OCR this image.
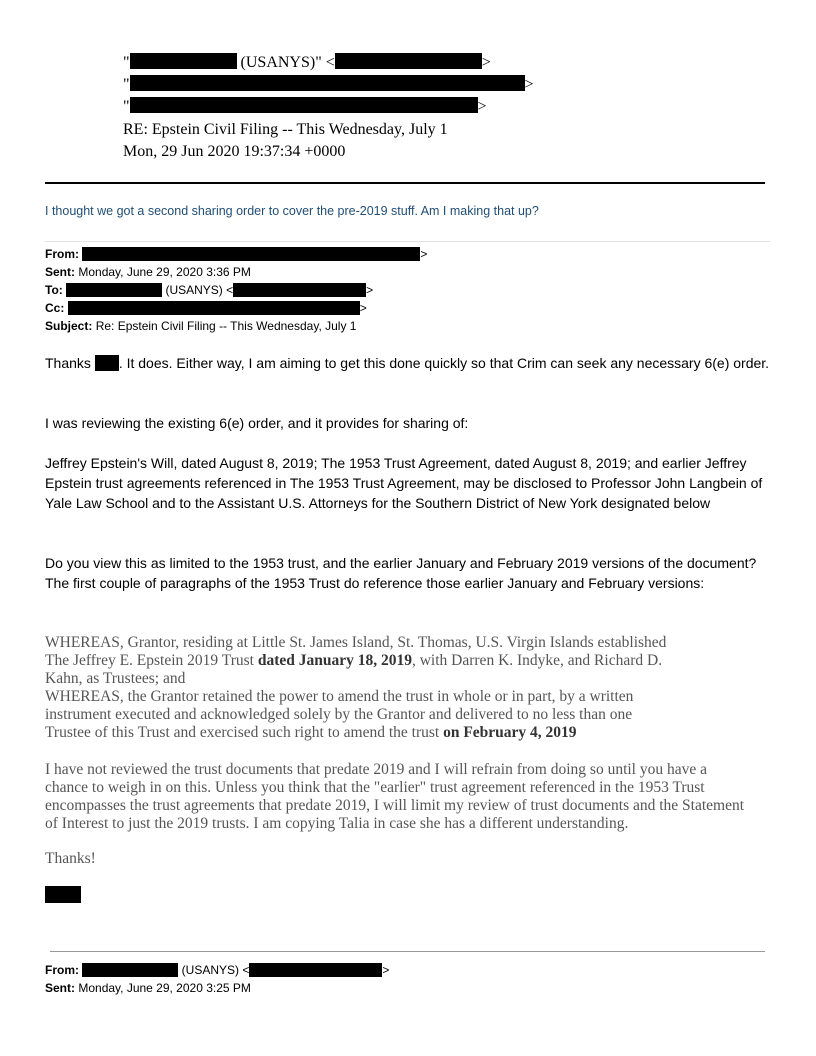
"	(USANYS)" <	>
"	>
"	>
RE: Epstein Civil Filing -- This Wednesday, July 1
Mon, 29 Jun 2020 19:37:34 +0000
I thought we got a second sharing order to cover the pre-2019 stuff. Am I making that up?
From:	>
Sent: Monday, June 29, 2020 3:36 PM
To:	(USANYS) <	>
Cc:	>
Subject: Re: Epstein Civil Filing -- This Wednesday, July 1
Thanks . It does. Either way, I am aiming to get this done quickly so that Crim can seek any necessary 6(e) order.
I was reviewing the existing 6(e) order, and it provides for sharing of:
Jeffrey Epstein's Will, dated August 8, 2019; The 1953 Trust Agreement, dated August 8, 2019; and earlier Jeffrey Epstein trust agreements referenced in The 1953 Trust Agreement, may be disclosed to Professor John Langbein of Yale Law School and to the Assistant U.S. Attorneys for the Southern District of New York designated below
Do you view this as limited to the 1953 trust, and the earlier January and February 2019 versions of the document? The first couple of paragraphs of the 1953 Trust do reference those earlier January and February versions:
WHEREAS, Grantor, residing at Little St. James Island, St. Thomas, U.S. Virgin Islands established
The Jeffrey E. Epstein 2019 Trust dated January 18, 2019, with Darren K. Indyke, and Richard D.
Kahn, as Trustees; and
WHEREAS, the Grantor retained the power to amend the trust in whole or in part, by a written
instrument executed and acknowledged solely by the Grantor and delivered to no less than one
Trustee of this Trust and exercised such right to amend the trust on February 4, 2019
I have not reviewed the trust documents that predate 2019 and I will refrain from doing so until you have a
chance to weigh in on this. Unless you think that the "earlier" trust agreement referenced in the 1953 Trust
encompasses the trust agreements that predate 2019, I will limit my review of trust documents and the Statement
of Interest to just the 2019 trusts. I am copying Talia in case she has a different understanding.
Thanks!
From:	(USANYS) <	>
Sent: Monday, June 29, 2020 3:25 PM
